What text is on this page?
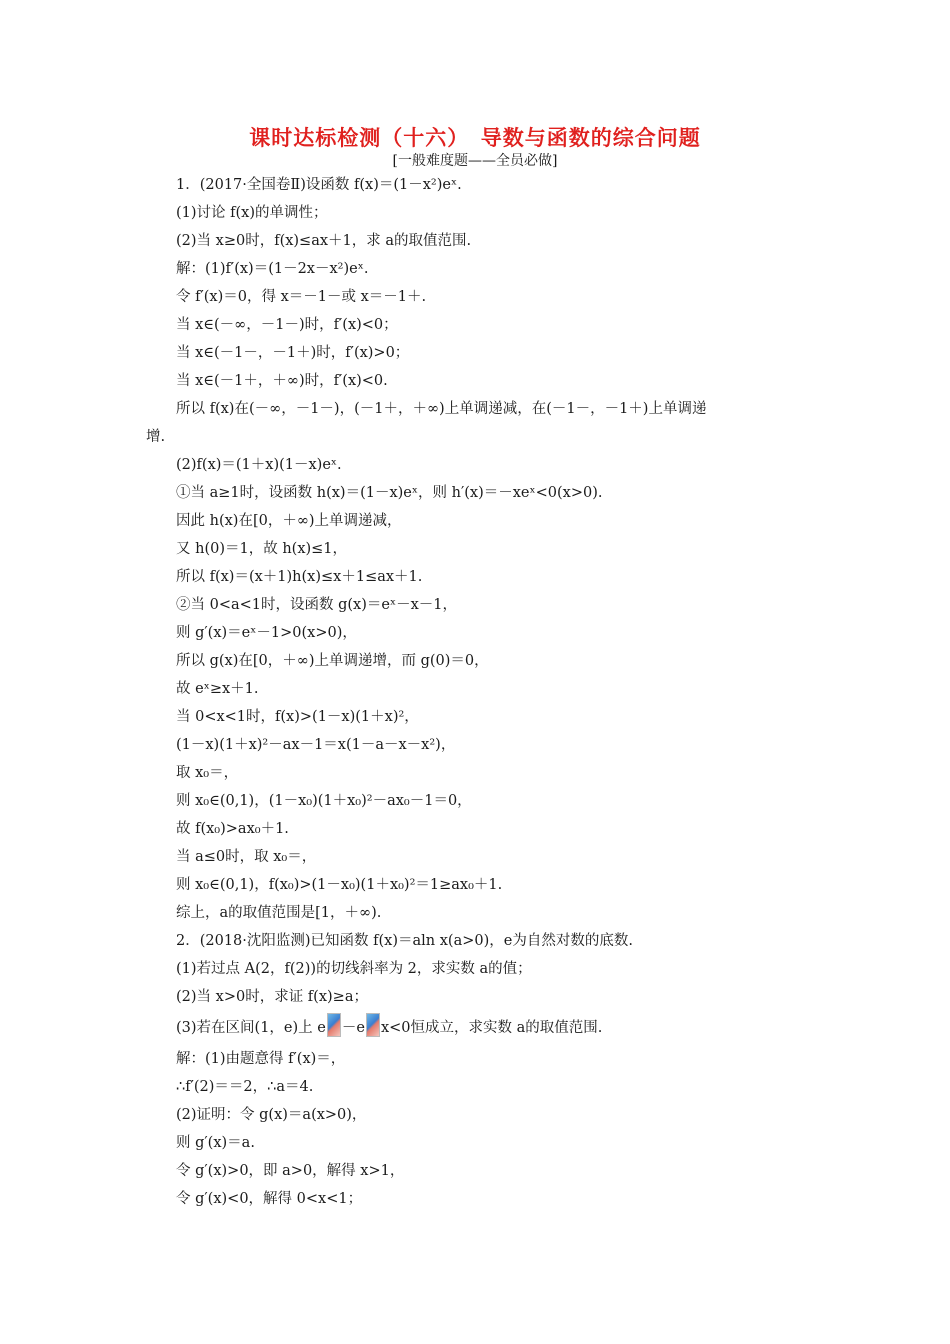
课时达标检测（十六）　导数与函数的综合问题
[一般难度题——全员必做]
1．(2017·全国卷Ⅱ)设函数 f(x)＝(1－x²)eˣ.
(1)讨论 f(x)的单调性；
(2)当 x≥0时，f(x)≤ax＋1，求 a的取值范围.
解：(1)f′(x)＝(1－2x－x²)eˣ.
令 f′(x)＝0，得 x＝－1－或 x＝－1＋.
当 x∈(－∞，－1－)时，f′(x)<0；
当 x∈(－1－，－1＋)时，f′(x)>0；
当 x∈(－1＋，＋∞)时，f′(x)<0.
所以 f(x)在(－∞，－1－)，(－1＋，＋∞)上单调递减，在(－1－，－1＋)上单调递
增.
(2)f(x)＝(1＋x)(1－x)eˣ.
①当 a≥1时，设函数 h(x)＝(1－x)eˣ，则 h′(x)＝－xeˣ<0(x>0).
因此 h(x)在[0，＋∞)上单调递减，
又 h(0)＝1，故 h(x)≤1，
所以 f(x)＝(x＋1)h(x)≤x＋1≤ax＋1.
②当 0<a<1时，设函数 g(x)＝eˣ－x－1，
则 g′(x)＝eˣ－1>0(x>0)，
所以 g(x)在[0，＋∞)上单调递增，而 g(0)＝0，
故 eˣ≥x＋1.
当 0<x<1时，f(x)>(1－x)(1＋x)²，
(1－x)(1＋x)²－ax－1＝x(1－a－x－x²)，
取 x₀＝，
则 x₀∈(0,1)，(1－x₀)(1＋x₀)²－ax₀－1＝0，
故 f(x₀)>ax₀＋1.
当 a≤0时，取 x₀＝，
则 x₀∈(0,1)，f(x₀)>(1－x₀)(1＋x₀)²＝1≥ax₀＋1.
综上，a的取值范围是[1，＋∞).
2．(2018·沈阳监测)已知函数 f(x)＝aln x(a>0)，e为自然对数的底数.
(1)若过点 A(2，f(2))的切线斜率为 2，求实数 a的值；
(2)当 x>0时，求证 f(x)≥a；
(3)若在区间(1，e)上 e －e x<0恒成立，求实数 a的取值范围.
解：(1)由题意得 f′(x)＝，
∴f′(2)＝＝2，∴a＝4.
(2)证明：令 g(x)＝a(x>0)，
则 g′(x)＝a.
令 g′(x)>0，即 a>0，解得 x>1，
令 g′(x)<0，解得 0<x<1；
